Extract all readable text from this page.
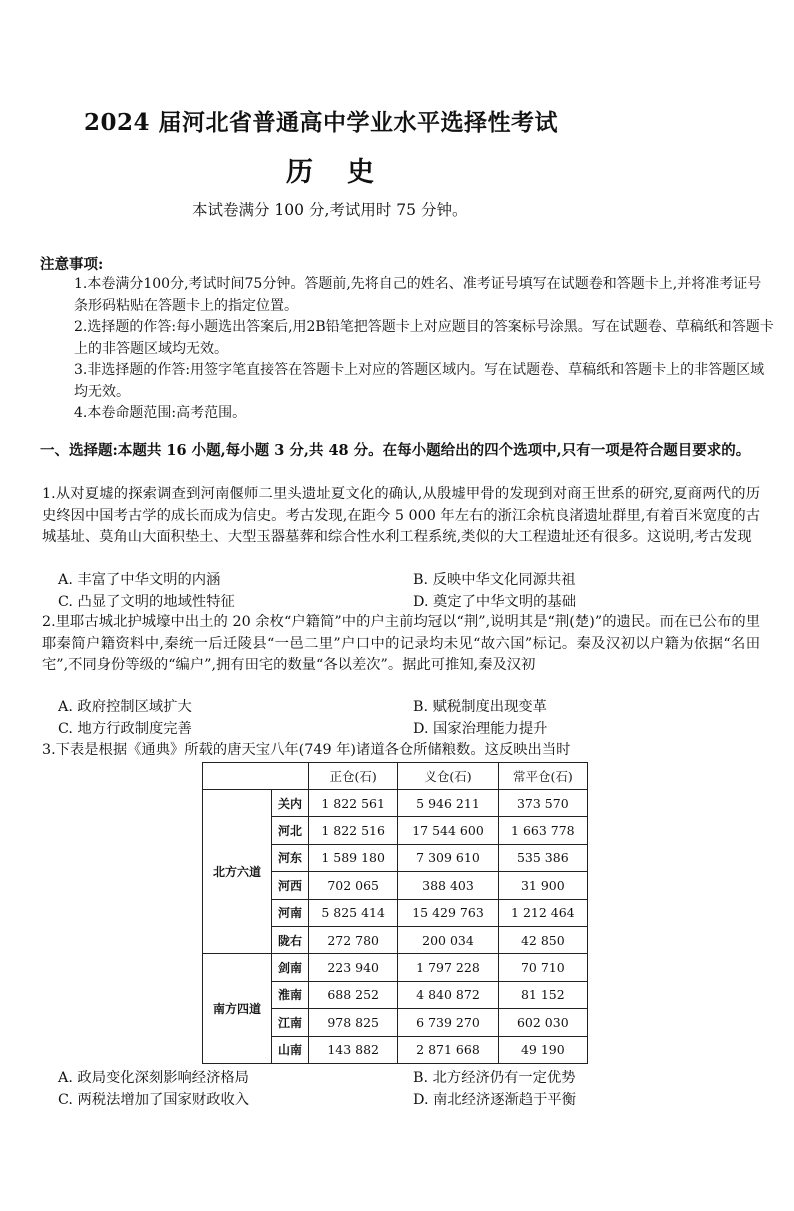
2024 届河北省普通高中学业水平选择性考试
历史
本试卷满分 100 分,考试用时 75 分钟。
注意事项:
1.本卷满分100分,考试时间75分钟。答题前,先将自己的姓名、准考证号填写在试题卷和答题卡上,并将准考证号条形码粘贴在答题卡上的指定位置。
2.选择题的作答:每小题选出答案后,用2B铅笔把答题卡上对应题目的答案标号涂黑。写在试题卷、草稿纸和答题卡上的非答题区域均无效。
3.非选择题的作答:用签字笔直接答在答题卡上对应的答题区域内。写在试题卷、草稿纸和答题卡上的非答题区域均无效。
4.本卷命题范围:高考范围。
一、选择题:本题共 16 小题,每小题 3 分,共 48 分。在每小题给出的四个选项中,只有一项是符合题目要求的。
1.从对夏墟的探索调查到河南偃师二里头遗址夏文化的确认,从殷墟甲骨的发现到对商王世系的研究,夏商两代的历史终因中国考古学的成长而成为信史。考古发现,在距今 5 000 年左右的浙江余杭良渚遗址群里,有着百米宽度的古城基址、莫角山大面积垫土、大型玉器墓葬和综合性水利工程系统,类似的大工程遗址还有很多。这说明,考古发现
A. 丰富了中华文明的内涵	B. 反映中华文化同源共祖
C. 凸显了文明的地域性特征	D. 奠定了中华文明的基础
2.里耶古城北护城壕中出土的 20 余枚“户籍简”中的户主前均冠以“荆”,说明其是“荆(楚)”的遗民。而在已公布的里耶秦简户籍资料中,秦统一后迁陵县“一邑二里”户口中的记录均未见“故六国”标记。秦及汉初以户籍为依据“名田宅”,不同身份等级的“编户”,拥有田宅的数量“各以差次”。据此可推知,秦及汉初
A. 政府控制区域扩大	B. 赋税制度出现变革
C. 地方行政制度完善	D. 国家治理能力提升
3.下表是根据《通典》所载的唐天宝八年(749 年)诸道各仓所储粮数。这反映出当时
		正仓(石)	义仓(石)	常平仓(石)
北方六道	关内	1 822 561	5 946 211	373 570
	河北	1 822 516	17 544 600	1 663 778
	河东	1 589 180	7 309 610	535 386
	河西	702 065	388 403	31 900
	河南	5 825 414	15 429 763	1 212 464
	陇右	272 780	200 034	42 850
南方四道	剑南	223 940	1 797 228	70 710
	淮南	688 252	4 840 872	81 152
	江南	978 825	6 739 270	602 030
	山南	143 882	2 871 668	49 190
A. 政局变化深刻影响经济格局	B. 北方经济仍有一定优势
C. 两税法增加了国家财政收入	D. 南北经济逐渐趋于平衡
